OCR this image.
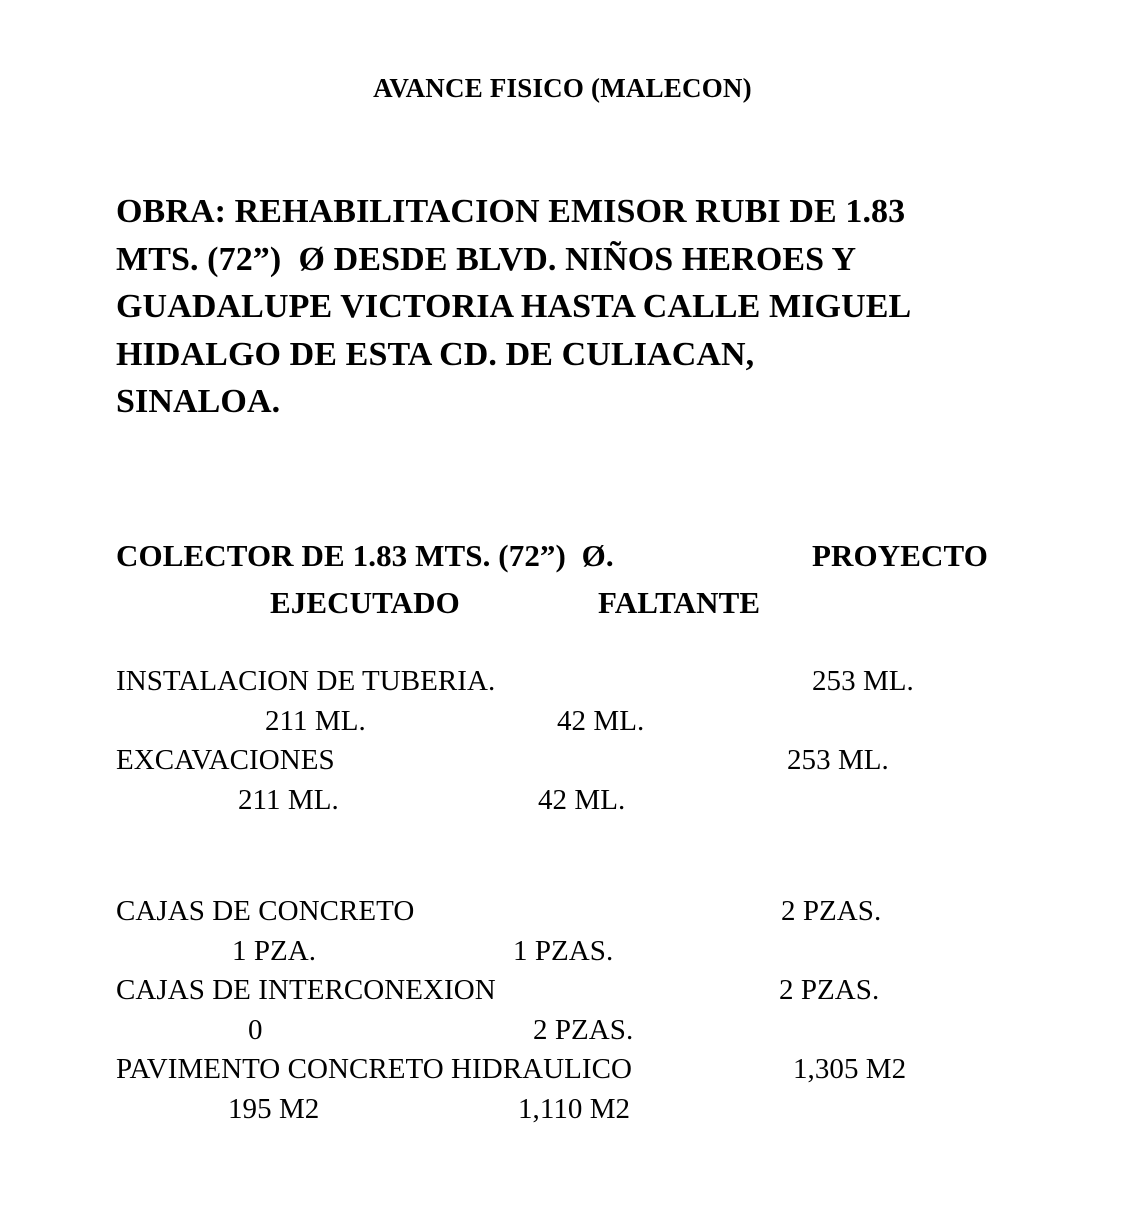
AVANCE FISICO (MALECON)
OBRA: REHABILITACION EMISOR RUBI DE 1.83
MTS. (72”)  Ø DESDE BLVD. NIÑOS HEROES Y
GUADALUPE VICTORIA HASTA CALLE MIGUEL
HIDALGO DE ESTA CD. DE CULIACAN,
SINALOA.
COLECTOR DE 1.83 MTS. (72”)  Ø.	PROYECTO
EJECUTADO	FALTANTE
INSTALACION DE TUBERIA.	253 ML.
211 ML.	42 ML.
EXCAVACIONES	253 ML.
211 ML.	42 ML.
CAJAS DE CONCRETO	2 PZAS.
1 PZA.	1 PZAS.
CAJAS DE INTERCONEXION	2 PZAS.
0	2 PZAS.
PAVIMENTO CONCRETO HIDRAULICO	1,305 M2
195 M2	1,110 M2
